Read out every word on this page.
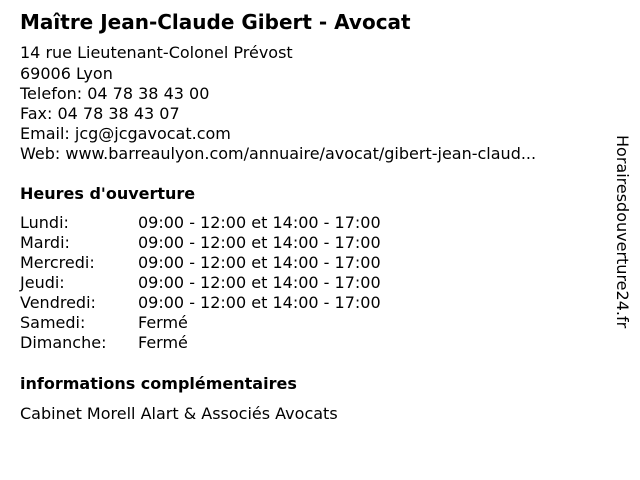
Maître Jean-Claude Gibert - Avocat
14 rue Lieutenant-Colonel Prévost
69006 Lyon
Telefon: 04 78 38 43 00
Fax: 04 78 38 43 07
Email: jcg@jcgavocat.com
Web: www.barreaulyon.com/annuaire/avocat/gibert-jean-claud...
Heures d'ouverture
Lundi:	09:00 - 12:00 et 14:00 - 17:00
Mardi:	09:00 - 12:00 et 14:00 - 17:00
Mercredi:	09:00 - 12:00 et 14:00 - 17:00
Jeudi:	09:00 - 12:00 et 14:00 - 17:00
Vendredi:	09:00 - 12:00 et 14:00 - 17:00
Samedi:	Fermé
Dimanche: Fermé
informations complémentaires
Cabinet Morell Alart & Associés Avocats
Horairesdouverture24.fr
